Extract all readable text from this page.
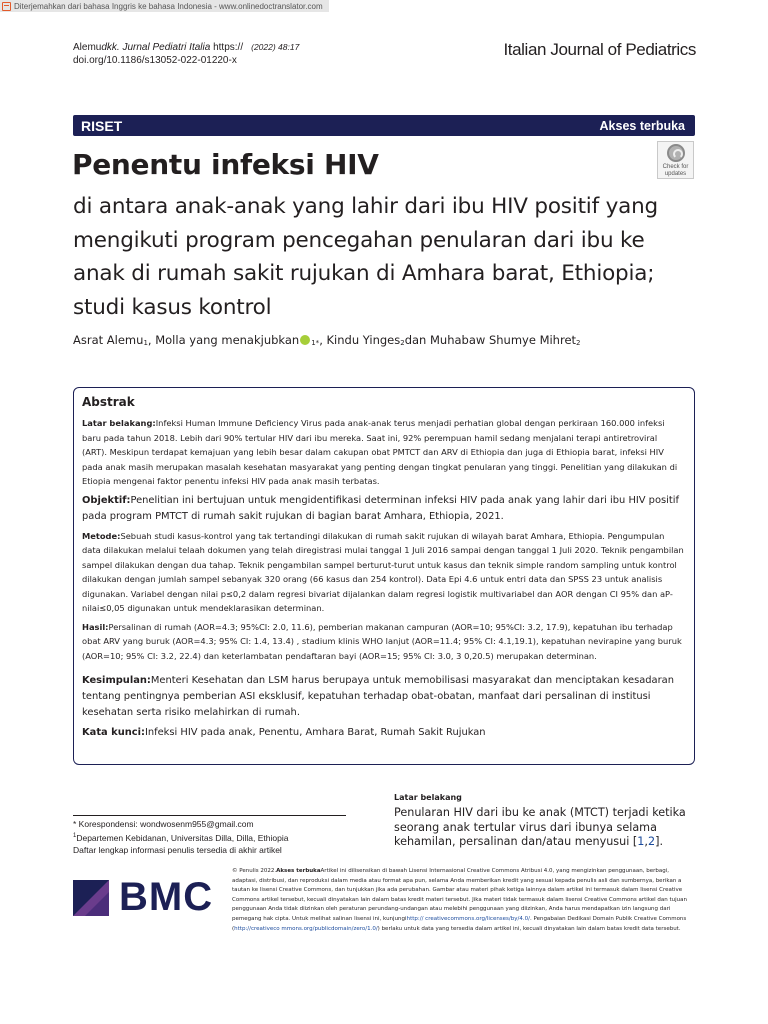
Diterjemahkan dari bahasa Inggris ke bahasa Indonesia - www.onlinedoctranslator.com
Alemudkk. Jurnal Pediatri Italia https:// (2022) 48:17
doi.org/10.1186/s13052-022-01220-x
Italian Journal of Pediatrics
RISET	Akses terbuka
Check for
updates
Penentu infeksi HIV
di antara anak-anak yang lahir dari ibu HIV positif yang mengikuti program pencegahan penularan dari ibu ke anak di rumah sakit rujukan di Amhara barat, Ethiopia; studi kasus kontrol
Asrat Alemu$_1$, Molla yang menakjubkan $_{1*}$, Kindu Yinges$_2$dan Muhabaw Shumye Mihret$_2$
Abstrak

Latar belakang:Infeksi Human Immune Deficiency Virus pada anak-anak terus menjadi perhatian global dengan perkiraan 160.000 infeksi baru pada tahun 2018. Lebih dari 90% tertular HIV dari ibu mereka. Saat ini, 92% perempuan hamil sedang menjalani terapi antiretroviral (ART). Meskipun terdapat kemajuan yang lebih besar dalam cakupan obat PMTCT dan ARV di Ethiopia dan juga di Ethiopia barat, infeksi HIV pada anak masih merupakan masalah kesehatan masyarakat yang penting dengan tingkat penularan yang tinggi. Penelitian yang dilakukan di Etiopia mengenai faktor penentu infeksi HIV pada anak masih terbatas.

Objektif:Penelitian ini bertujuan untuk mengidentifikasi determinan infeksi HIV pada anak yang lahir dari ibu HIV positif pada program PMTCT di rumah sakit rujukan di bagian barat Amhara, Ethiopia, 2021.

Metode:Sebuah studi kasus-kontrol yang tak tertandingi dilakukan di rumah sakit rujukan di wilayah barat Amhara, Ethiopia. Pengumpulan data dilakukan melalui telaah dokumen yang telah diregistrasi mulai tanggal 1 Juli 2016 sampai dengan tanggal 1 Juli 2020. Teknik pengambilan sampel dilakukan dengan dua tahap. Teknik pengambilan sampel berturut-turut untuk kasus dan teknik simple random sampling untuk kontrol dilakukan dengan jumlah sampel sebanyak 320 orang (66 kasus dan 254 kontrol). Data Epi 4.6 untuk entri data dan SPSS 23 untuk analisis digunakan. Variabel dengan nilai p≤0,2 dalam regresi bivariat dijalankan dalam regresi logistik multivariabel dan AOR dengan CI 95% dan aP-nilai≤0,05 digunakan untuk mendeklarasikan determinan.

Hasil:Persalinan di rumah (AOR=4.3; 95%CI: 2.0, 11.6), pemberian makanan campuran (AOR=10; 95%CI: 3.2, 17.9), kepatuhan ibu terhadap obat ARV yang buruk (AOR=4.3; 95% CI: 1.4, 13.4) , stadium klinis WHO lanjut (AOR=11.4; 95% CI: 4.1,19.1), kepatuhan nevirapine yang buruk (AOR=10; 95% CI: 3.2, 22.4) dan keterlambatan pendaftaran bayi (AOR=15; 95% CI: 3.0, 3 0,20.5) merupakan determinan.

Kesimpulan:Menteri Kesehatan dan LSM harus berupaya untuk memobilisasi masyarakat dan menciptakan kesadaran tentang pentingnya pemberian ASI eksklusif, kepatuhan terhadap obat-obatan, manfaat dari persalinan di institusi kesehatan serta risiko melahirkan di rumah.

Kata kunci:Infeksi HIV pada anak, Penentu, Amhara Barat, Rumah Sakit Rujukan

* Korespondensi: wondwosenm955@gmail.com
$^1$Departemen Kebidanan, Universitas Dilla, Dilla, Ethiopia
Daftar lengkap informasi penulis tersedia di akhir artikel
Latar belakang

Penularan HIV dari ibu ke anak (MTCT) terjadi ketika seorang anak tertular virus dari ibunya selama kehamilan, persalinan dan/atau menyusui [1,2].

BMC

© Penulis 2022.Akses terbukaArtikel ini dilisensikan di bawah Lisensi Internasional Creative Commons Atribusi 4.0, yang mengizinkan penggunaan, berbagi, adaptasi, distribusi, dan reproduksi dalam media atau format apa pun, selama Anda memberikan kredit yang sesuai kepada penulis asli dan sumbernya, berikan a tautan ke lisensi Creative Commons, dan tunjukkan jika ada perubahan. Gambar atau materi pihak ketiga lainnya dalam artikel ini termasuk dalam lisensi Creative Commons artikel tersebut, kecuali dinyatakan lain dalam batas kredit materi tersebut. Jika materi tidak termasuk dalam lisensi Creative Commons artikel dan tujuan penggunaan Anda tidak diizinkan oleh peraturan perundang-undangan atau melebihi penggunaan yang diizinkan, Anda harus mendapatkan izin langsung dari pemegang hak cipta. Untuk melihat salinan lisensi ini, kunjungihttp:// creativecommons.org/licenses/by/4.0/. Pengabaian Dedikasi Domain Publik Creative Commons (http://creativeco mmons.org/publicdomain/zero/1.0/) berlaku untuk data yang tersedia dalam artikel ini, kecuali dinyatakan lain dalam batas kredit data tersebut.
